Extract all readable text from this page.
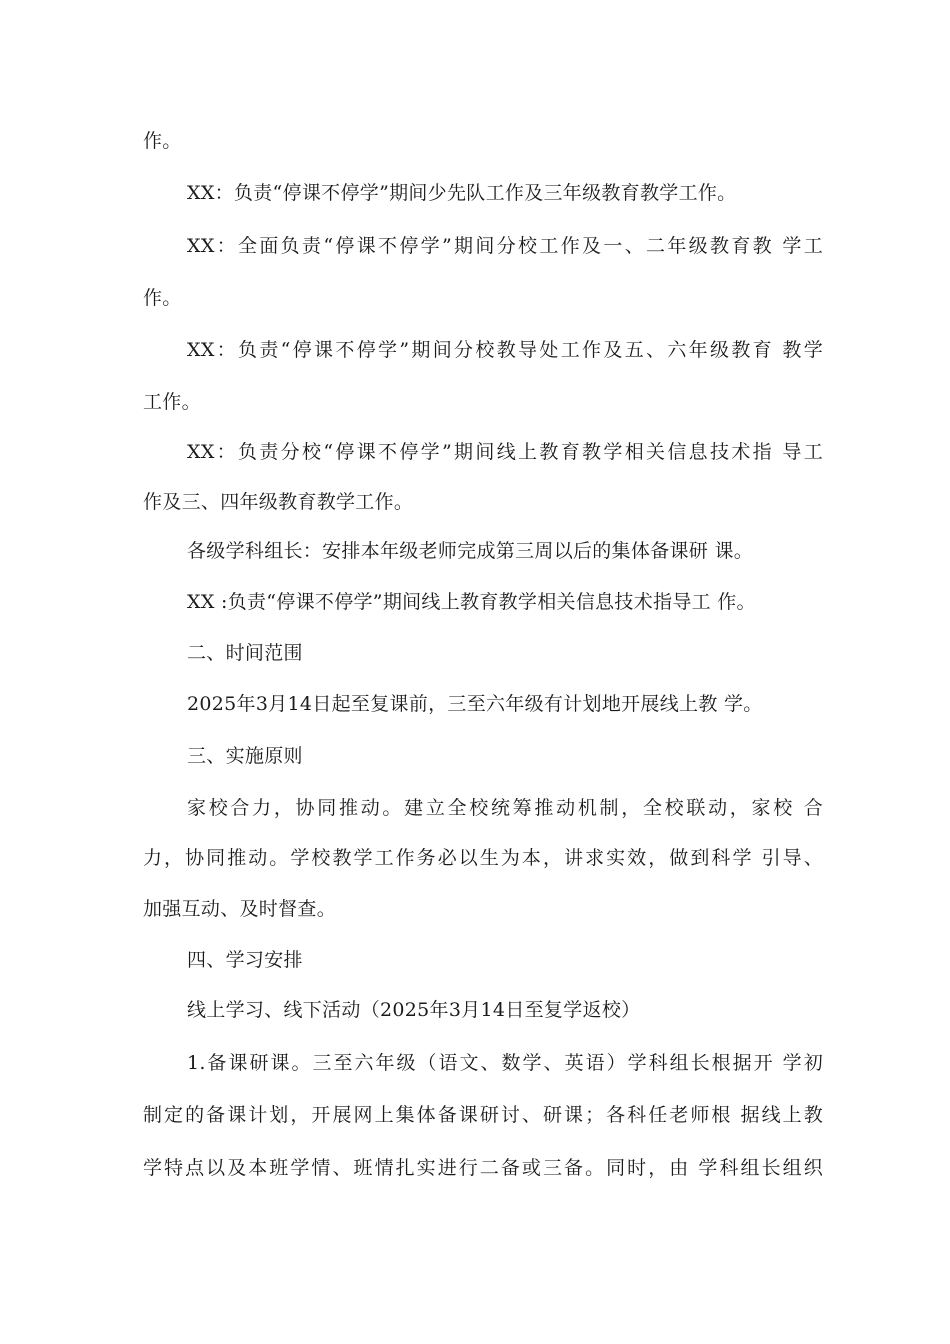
作。
XX：负责“停课不停学”期间少先队工作及三年级教育教学工作。
XX：全面负责“停课不停学”期间分校工作及一、二年级教育教 学工
作。
XX：负责“停课不停学”期间分校教导处工作及五、六年级教育 教学
工作。
XX：负责分校“停课不停学”期间线上教育教学相关信息技术指 导工
作及三、四年级教育教学工作。
各级学科组长：安排本年级老师完成第三周以后的集体备课研 课。
XX :负责“停课不停学”期间线上教育教学相关信息技术指导工 作。
二、时间范围
2025年3月14日起至复课前，三至六年级有计划地开展线上教 学。
三、实施原则
家校合力，协同推动。建立全校统筹推动机制，全校联动，家校 合
力，协同推动。学校教学工作务必以生为本，讲求实效，做到科学 引导、
加强互动、及时督查。
四、学习安排
线上学习、线下活动（2025年3月14日至复学返校）
1.备课研课。三至六年级（语文、数学、英语）学科组长根据开 学初
制定的备课计划，开展网上集体备课研讨、研课；各科任老师根 据线上教
学特点以及本班学情、班情扎实进行二备或三备。同时，由 学科组长组织
